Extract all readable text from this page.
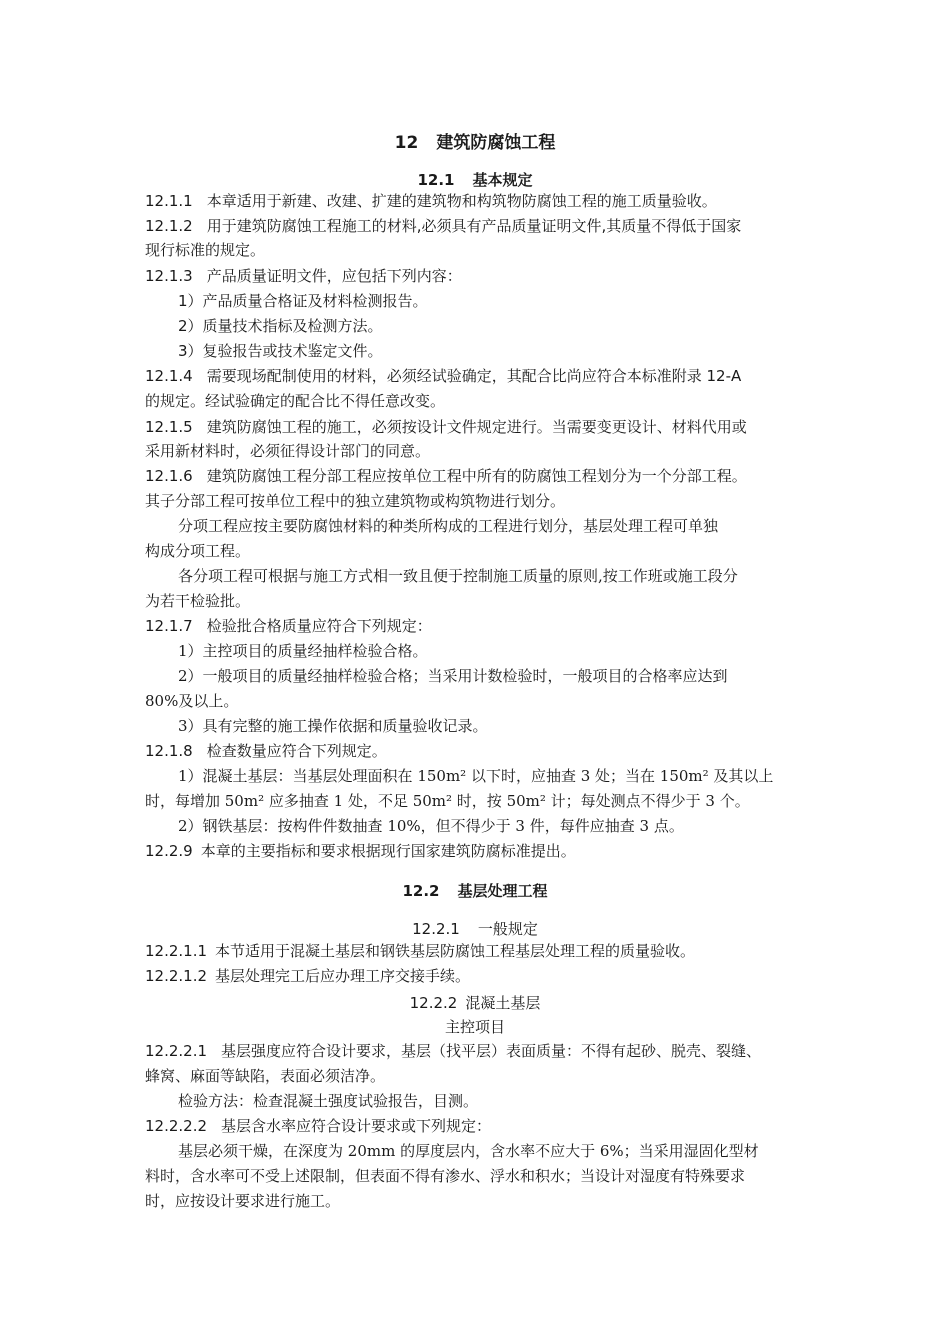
12 建筑防腐蚀工程
12.1 基本规定
12.1.1 本章适用于新建、改建、扩建的建筑物和构筑物防腐蚀工程的施工质量验收。
12.1.2 用于建筑防腐蚀工程施工的材料,必须具有产品质量证明文件,其质量不得低于国家
现行标准的规定。
12.1.3 产品质量证明文件，应包括下列内容：
1）产品质量合格证及材料检测报告。
2）质量技术指标及检测方法。
3）复验报告或技术鉴定文件。
12.1.4 需要现场配制使用的材料，必须经试验确定，其配合比尚应符合本标准附录 12-A
的规定。经试验确定的配合比不得任意改变。
12.1.5 建筑防腐蚀工程的施工，必须按设计文件规定进行。当需要变更设计、材料代用或
采用新材料时，必须征得设计部门的同意。
12.1.6 建筑防腐蚀工程分部工程应按单位工程中所有的防腐蚀工程划分为一个分部工程。
其子分部工程可按单位工程中的独立建筑物或构筑物进行划分。
分项工程应按主要防腐蚀材料的种类所构成的工程进行划分，基层处理工程可单独
构成分项工程。
各分项工程可根据与施工方式相一致且便于控制施工质量的原则,按工作班或施工段分
为若干检验批。
12.1.7 检验批合格质量应符合下列规定：
1）主控项目的质量经抽样检验合格。
2）一般项目的质量经抽样检验合格；当采用计数检验时，一般项目的合格率应达到
80%及以上。
3）具有完整的施工操作依据和质量验收记录。
12.1.8 检查数量应符合下列规定。
1）混凝土基层：当基层处理面积在 150m² 以下时，应抽查 3 处；当在 150m² 及其以上
时，每增加 50m² 应多抽查 1 处，不足 50m² 时，按 50m² 计；每处测点不得少于 3 个。
2）钢铁基层：按构件件数抽查 10%，但不得少于 3 件，每件应抽查 3 点。
12.2.9 本章的主要指标和要求根据现行国家建筑防腐标准提出。
12.2 基层处理工程
12.2.1 一般规定
12.2.1.1 本节适用于混凝土基层和钢铁基层防腐蚀工程基层处理工程的质量验收。
12.2.1.2 基层处理完工后应办理工序交接手续。
12.2.2 混凝土基层
主控项目
12.2.2.1 基层强度应符合设计要求，基层（找平层）表面质量：不得有起砂、脱壳、裂缝、
蜂窝、麻面等缺陷，表面必须洁净。
检验方法：检查混凝土强度试验报告，目测。
12.2.2.2 基层含水率应符合设计要求或下列规定：
基层必须干燥，在深度为 20mm 的厚度层内，含水率不应大于 6%；当采用湿固化型材
料时，含水率可不受上述限制，但表面不得有渗水、浮水和积水；当设计对湿度有特殊要求
时，应按设计要求进行施工。
